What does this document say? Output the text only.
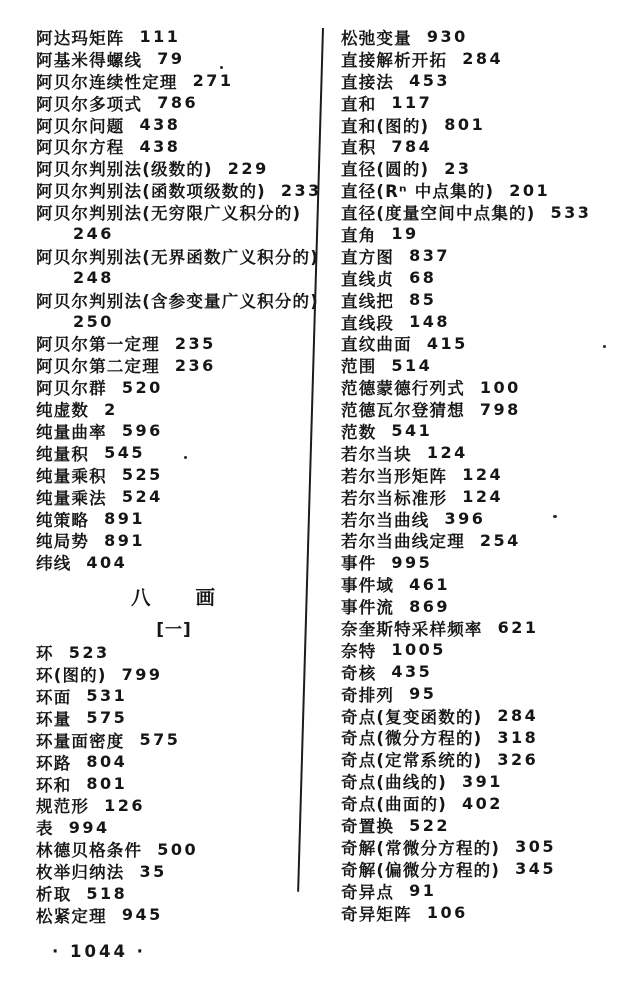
阿达玛矩阵 111
阿基米得螺线 79
阿贝尔连续性定理 271
阿贝尔多项式 786
阿贝尔问题 438
阿贝尔方程 438
阿贝尔判别法(级数的) 229
阿贝尔判别法(函数项级数的) 233
阿贝尔判别法(无穷限广义积分的)
246
阿贝尔判别法(无界函数广义积分的)
248
阿贝尔判别法(含参变量广义积分的)
250
阿贝尔第一定理 235
阿贝尔第二定理 236
阿贝尔群 520
纯虚数 2
纯量曲率 596
纯量积 545
纯量乘积 525
纯量乘法 524
纯策略 891
纯局势 891
纬线 404
八　　画
[一]
环 523
环(图的) 799
环面 531
环量 575
环量面密度 575
环路 804
环和 801
规范形 126
表 994
林德贝格条件 500
枚举归纳法 35
析取 518
松紧定理 945
松弛变量 930
直接解析开拓 284
直接法 453
直和 117
直和(图的) 801
直积 784
直径(圆的) 23
直径(Rⁿ 中点集的) 201
直径(度量空间中点集的) 533
直角 19
直方图 837
直线贞 68
直线把 85
直线段 148
直纹曲面 415
范围 514
范德蒙德行列式 100
范德瓦尔登猜想 798
范数 541
若尔当块 124
若尔当形矩阵 124
若尔当标准形 124
若尔当曲线 396
若尔当曲线定理 254
事件 995
事件域 461
事件流 869
奈奎斯特采样频率 621
奈特 1005
奇核 435
奇排列 95
奇点(复变函数的) 284
奇点(微分方程的) 318
奇点(定常系统的) 326
奇点(曲线的) 391
奇点(曲面的) 402
奇置换 522
奇解(常微分方程的) 305
奇解(偏微分方程的) 345
奇异点 91
奇异矩阵 106
· 1044 ·
